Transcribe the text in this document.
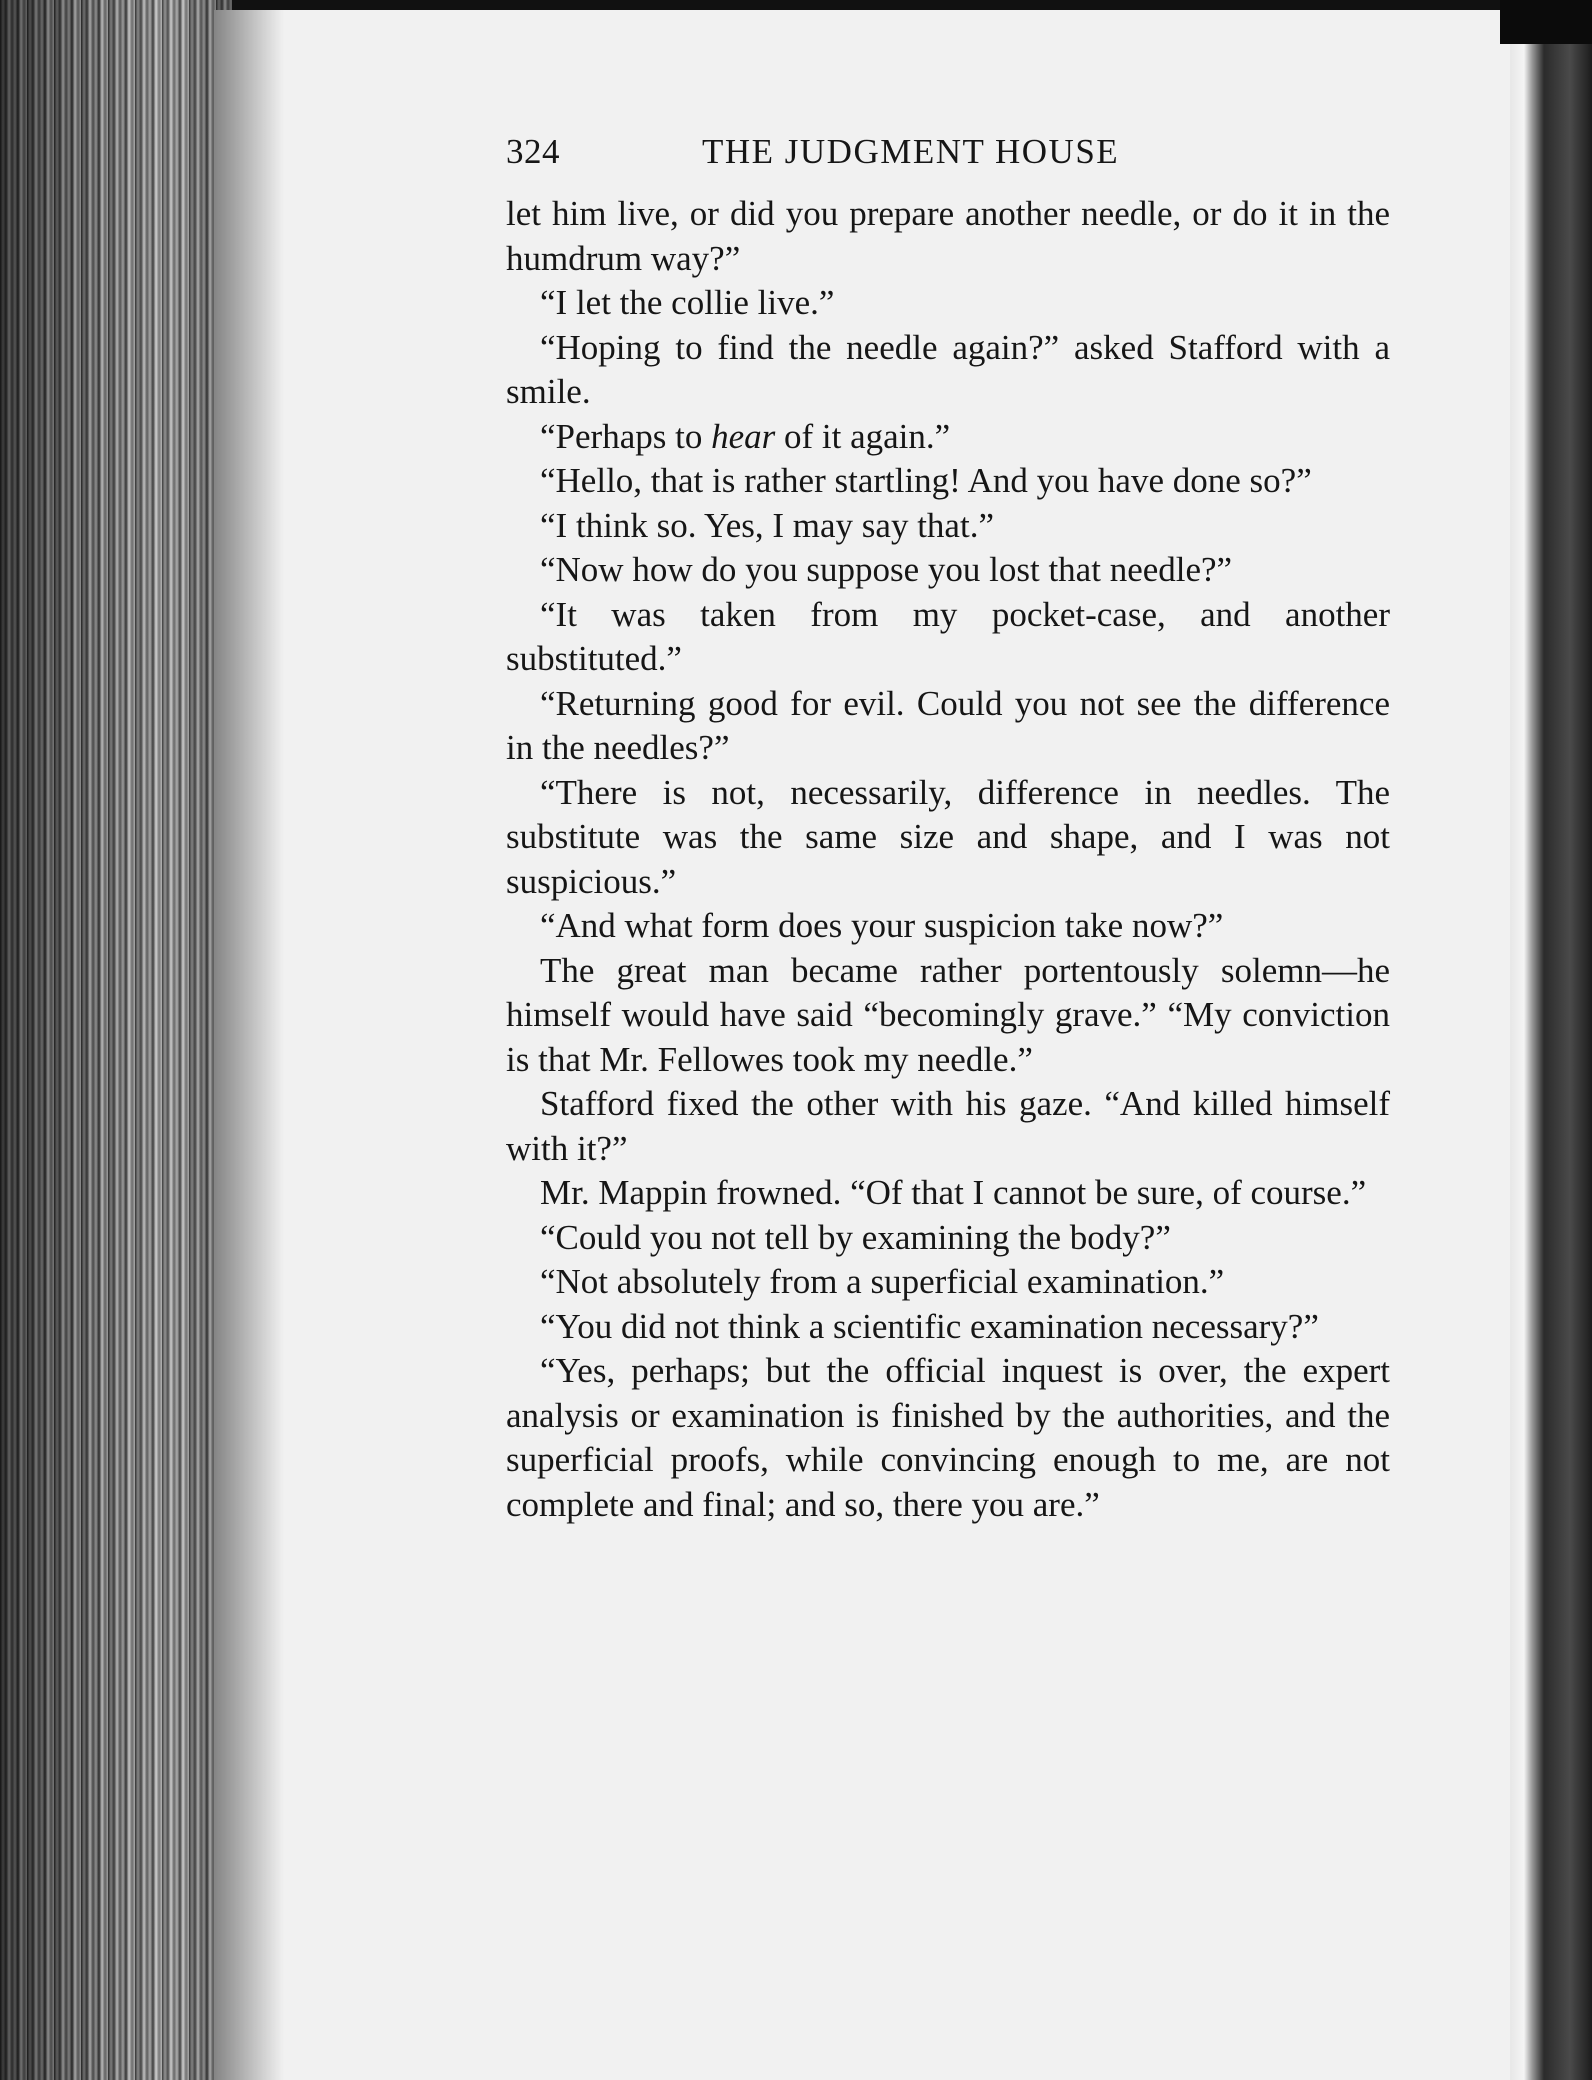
324	THE JUDGMENT HOUSE

let him live, or did you prepare another needle, or do it in the humdrum way?”

“I let the collie live.”

“Hoping to find the needle again?” asked Stafford with a smile.

“Perhaps to hear of it again.”

“Hello, that is rather startling! And you have done so?”

“I think so. Yes, I may say that.”

“Now how do you suppose you lost that needle?”

“It was taken from my pocket-case, and another substituted.”

“Returning good for evil. Could you not see the difference in the needles?”

“There is not, necessarily, difference in needles. The substitute was the same size and shape, and I was not suspicious.”

“And what form does your suspicion take now?”

The great man became rather portentously solemn—he himself would have said “becomingly grave.” “My conviction is that Mr. Fellowes took my needle.”

Stafford fixed the other with his gaze. “And killed himself with it?”

Mr. Mappin frowned. “Of that I cannot be sure, of course.”

“Could you not tell by examining the body?”

“Not absolutely from a superficial examination.”

“You did not think a scientific examination necessary?”

“Yes, perhaps; but the official inquest is over, the expert analysis or examination is finished by the authorities, and the superficial proofs, while convincing enough to me, are not complete and final; and so, there you are.”
